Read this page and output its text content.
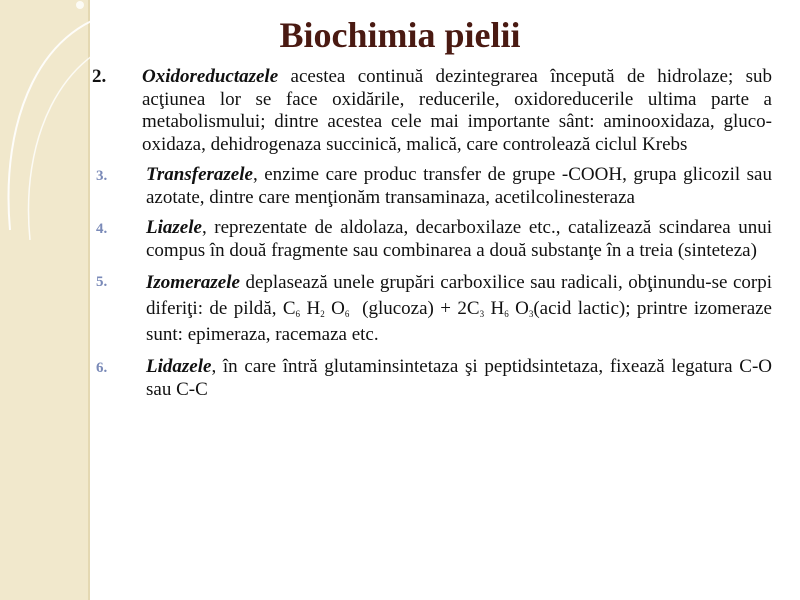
Biochimia pielii
2.	Oxidoreductazele acestea continuă dezintegrarea începută de hidrolaze; sub acţiunea lor se face oxidările, reducerile, oxidoreducerile ultima parte a metabolismului; dintre acestea cele mai importante sânt: aminooxidaza, gluco-oxidaza, dehidrogenaza succinică, malică, care controlează ciclul Krebs
3.	Transferazele, enzime care produc transfer de grupe -COOH, grupa glicozil sau azotate, dintre care menţionăm transaminaza, acetilcolinesteraza
4.	Liazele, reprezentate de aldolaza, decarboxilaze etc., catalizează scindarea unui compus în două fragmente sau combinarea a două substanţe în a treia (sinteteza)
5.	Izomerazele deplasează unele grupări carboxilice sau radicali, obţinundu-se corpi diferiţi: de pildă, $C_6$ $H_2$ $O_6$  (glucoza) + $2C_3$ $H_6$ $O_3(acid$ lactic); printre izomeraze sunt: epimeraza, racemaza etc.
6.	Lidazele, în care întră glutaminsintetaza şi peptidsintetaza, fixează legatura C-O sau C-C
